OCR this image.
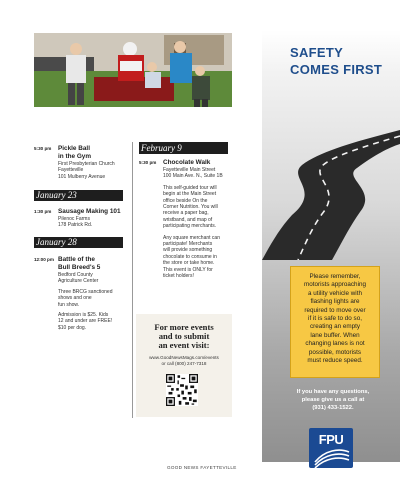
5:30 pm	Pickle Ball
in the Gym
First Presbyterian Church
Fayetteville
101 Mulberry Avenue
January 23
1:30 pm	Sausage Making 101
Pilenoc Farms
178 Patrick Rd.
January 28
12:00 pm Battle of the
Bull Breed's 5
Bedford County
Agriculture Center
Three BRCG sanctioned
shows and one
fun show.
Admission is $25. Kids
12 and under are FREE!
$10 per dog.
February 9
5:30 pm	Chocolate Walk
Fayetteville Main Street
100 Main Ave. N., Suite 1B
This self-guided tour will
begin at the Main Street
office beside On the
Corner Nutrition. You will
receive a paper bag,
wristband, and map of
participating merchants.
Any square merchant can
participate! Merchants
will provide something
chocolate to consume in
the store or take home.
This event is ONLY for
ticket holders!
For more events
and to submit
an event visit:
www.GoodNewsMags.com/events
or call (800) 247-7318
GOOD NEWS FAYETTEVILLE
SAFETY
COMES FIRST
Please remember,
motorists approaching
a utility vehicle with
flashing lights are
required to move over
if it is safe to do so,
creating an empty
lane buffer. When
changing lanes is not
possible, motorists
must reduce speed.
If you have any questions,
please give us a call at
(931) 433-1522.
FPU
